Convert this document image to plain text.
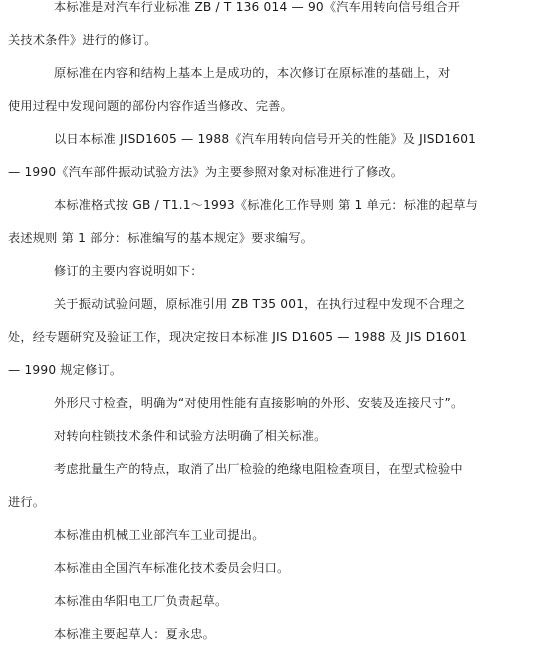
本标准是对汽车行业标准 ZB / T 136 014 — 90《汽车用转向信号组合开
关技术条件》进行的修订。
原标准在内容和结构上基本上是成功的，本次修订在原标准的基础上，对
使用过程中发现问题的部份内容作适当修改、完善。
以日本标准 JISD1605 — 1988《汽车用转向信号开关的性能》及 JISD1601
— 1990《汽车部件振动试验方法》为主要参照对象对标准进行了修改。
本标准格式按 GB / T1.1～1993《标准化工作导则 第 1 单元：标准的起草与
表述规则 第 1 部分：标准编写的基本规定》要求编写。
修订的主要内容说明如下：
关于振动试验问题，原标准引用 ZB T35 001，在执行过程中发现不合理之
处，经专题研究及验证工作，现决定按日本标准 JIS D1605 — 1988 及 JIS D1601
— 1990 规定修订。
外形尺寸检查，明确为“对使用性能有直接影响的外形、安装及连接尺寸”。
对转向柱锁技术条件和试验方法明确了相关标准。
考虑批量生产的特点，取消了出厂检验的绝缘电阻检查项目，在型式检验中
进行。
本标准由机械工业部汽车工业司提出。
本标准由全国汽车标准化技术委员会归口。
本标准由华阳电工厂负责起草。
本标准主要起草人：夏永忠。
